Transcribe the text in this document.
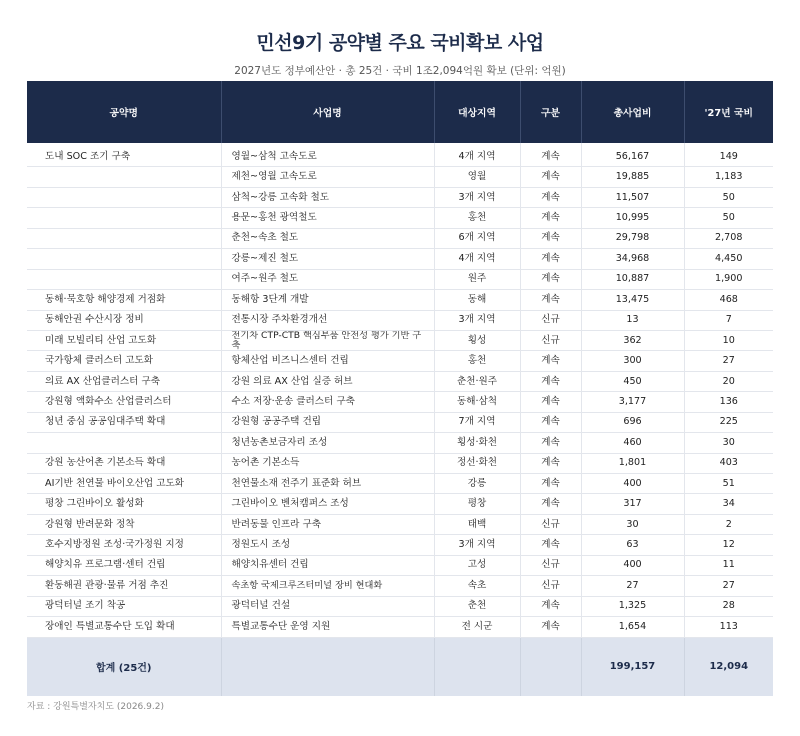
민선9기 공약별 주요 국비확보 사업
2027년도 정부예산안 · 총 25건 · 국비 1조2,094억원 확보 (단위: 억원)
공약명	사업명	대상지역	구분	총사업비	'27년 국비
도내 SOC 조기 구축	영월~삼척 고속도로	4개 지역	계속	56,167	149
	제천~영월 고속도로	영월	계속	19,885	1,183
	삼척~강릉 고속화 철도	3개 지역	계속	11,507	50
	용문~홍천 광역철도	홍천	계속	10,995	50
	춘천~속초 철도	6개 지역	계속	29,798	2,708
	강릉~제진 철도	4개 지역	계속	34,968	4,450
	여주~원주 철도	원주	계속	10,887	1,900
동해·묵호항 해양경제 거점화	동해항 3단계 개발	동해	계속	13,475	468
동해안권 수산시장 정비	전통시장 주차환경개선	3개 지역	신규	13	7
미래 모빌리티 산업 고도화	전기차 CTP-CTB 핵심부품 안전성 평가 기반 구축	횡성	신규	362	10
국가항체 클러스터 고도화	항체산업 비즈니스센터 건립	홍천	계속	300	27
의료 AX 산업클러스터 구축	강원 의료 AX 산업 실증 허브	춘천·원주	계속	450	20
강원형 액화수소 산업클러스터	수소 저장·운송 클러스터 구축	동해·삼척	계속	3,177	136
청년 중심 공공임대주택 확대	강원형 공공주택 건립	7개 지역	계속	696	225
	청년농촌보금자리 조성	횡성·화천	계속	460	30
강원 농산어촌 기본소득 확대	농어촌 기본소득	정선·화천	계속	1,801	403
AI기반 천연물 바이오산업 고도화	천연물소재 전주기 표준화 허브	강릉	계속	400	51
평창 그린바이오 활성화	그린바이오 벤처캠퍼스 조성	평창	계속	317	34
강원형 반려문화 정착	반려동물 인프라 구축	태백	신규	30	2
호수지방정원 조성·국가정원 지정	정원도시 조성	3개 지역	계속	63	12
해양치유 프로그램·센터 건립	해양치유센터 건립	고성	신규	400	11
환동해권 관광·물류 거점 추진	속초항 국제크루즈터미널 장비 현대화	속초	신규	27	27
광덕터널 조기 착공	광덕터널 건설	춘천	계속	1,325	28
장애인 특별교통수단 도입 확대	특별교통수단 운영 지원	전 시군	계속	1,654	113
합계 (25건)				199,157	12,094
자료 : 강원특별자치도 (2026.9.2)
